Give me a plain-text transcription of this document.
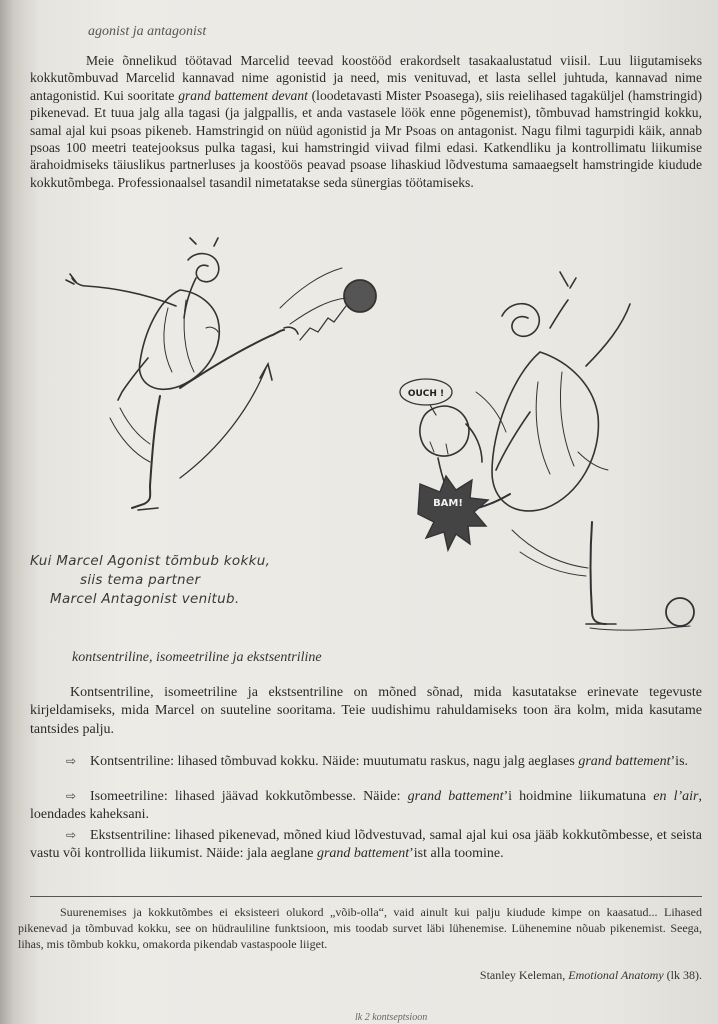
agonist ja antagonist

Meie õnnelikud töötavad Marcelid teevad koostööd erakordselt tasakaalustatud viisil. Luu liigutamiseks kokkutõmbuvad Marcelid kannavad nime agonistid ja need, mis venituvad, et lasta sellel juhtuda, kannavad nime antagonistid. Kui sooritate grand battement devant (loodetavasti Mister Psoasega), siis reielihased tagaküljel (hamstringid) pikenevad. Et tuua jalg alla tagasi (ja jalgpallis, et anda vastasele löök enne põgenemist), tõmbuvad hamstringid kokku, samal ajal kui psoas pikeneb. Hamstringid on nüüd agonistid ja Mr Psoas on antagonist. Nagu filmi tagurpidi käik, annab psoas 100 meetri teatejooksus pulka tagasi, kui hamstringid viivad filmi edasi. Katkendliku ja kontrollimatu liikumise ärahoidmiseks täiuslikus partnerluses ja koostöös peavad psoase lihaskiud lõdvestuma samaaegselt hamstringide kiudude kokkutõmbega. Professionaalsel tasandil nimetatakse seda sünergias töötamiseks.

OUCH !
BAM!
Kui Marcel Agonist tõmbub kokku,
siis tema partner
Marcel Antagonist venitub.
kontsentriline, isomeetriline ja ekstsentriline

Kontsentriline, isomeetriline ja ekstsentriline on mõned sõnad, mida kasutatakse erinevate tegevuste kirjeldamiseks, mida Marcel on suuteline sooritama. Teie uudishimu rahuldamiseks toon ära kolm, mida kasutame tantsides palju.

⇨ Kontsentriline: lihased tõmbuvad kokku. Näide: muutumatu raskus, nagu jalg aeglases grand battement’is.

⇨ Isomeetriline: lihased jäävad kokkutõmbesse. Näide: grand battement’i hoidmine liikumatuna en l’air, loendades kaheksani.

⇨ Ekstsentriline: lihased pikenevad, mõned kiud lõdvestuvad, samal ajal kui osa jääb kokkutõmbesse, et seista vastu või kontrollida liikumist. Näide: jala aeglane grand battement’ist alla toomine.

Suurenemises ja kokkutõmbes ei eksisteeri olukord „võib-olla“, vaid ainult kui palju kiudude kimpe on kaasatud... Lihased pikenevad ja tõmbuvad kokku, see on hüdrauliline funktsioon, mis toodab survet läbi lühenemise. Lühenemine nõuab pikenemist. Seega, lihas, mis tõmbub kokku, omakorda pikendab vastaspoole liiget.

Stanley Keleman, Emotional Anatomy (lk 38).
lk 2 kontseptsioon
